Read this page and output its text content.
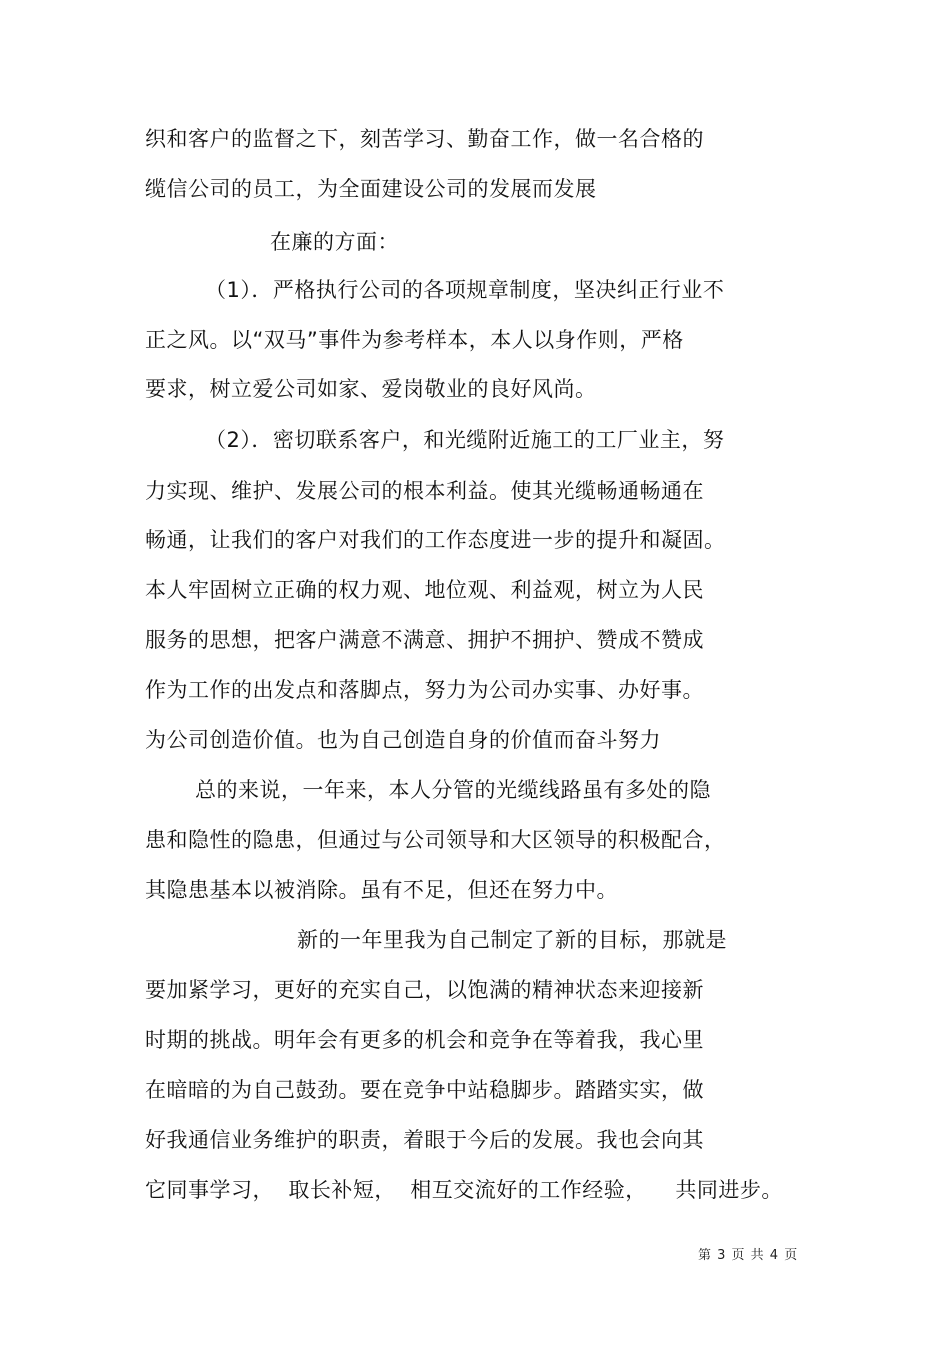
织和客户的监督之下，刻苦学习、勤奋工作，做一名合格的
缆信公司的员工，为全面建设公司的发展而发展
在廉的方面：
（1）．严格执行公司的各项规章制度，坚决纠正行业不
正之风。以“双马”事件为参考样本，本人以身作则，严格
要求，树立爱公司如家、爱岗敬业的良好风尚。
（2）．密切联系客户，和光缆附近施工的工厂业主，努
力实现、维护、发展公司的根本利益。使其光缆畅通畅通在
畅通，让我们的客户对我们的工作态度进一步的提升和凝固。
本人牢固树立正确的权力观、地位观、利益观，树立为人民
服务的思想，把客户满意不满意、拥护不拥护、赞成不赞成
作为工作的出发点和落脚点，努力为公司办实事、办好事。
为公司创造价值。也为自己创造自身的价值而奋斗努力
总的来说，一年来，本人分管的光缆线路虽有多处的隐
患和隐性的隐患，但通过与公司领导和大区领导的积极配合，
其隐患基本以被消除。虽有不足，但还在努力中。
新的一年里我为自己制定了新的目标，那就是
要加紧学习，更好的充实自己，以饱满的精神状态来迎接新
时期的挑战。明年会有更多的机会和竞争在等着我，我心里
在暗暗的为自己鼓劲。要在竞争中站稳脚步。踏踏实实，做
好我通信业务维护的职责，着眼于今后的发展。我也会向其
它同事学习，  取长补短，  相互交流好的工作经验，    共同进步。
第 3 页 共 4 页
